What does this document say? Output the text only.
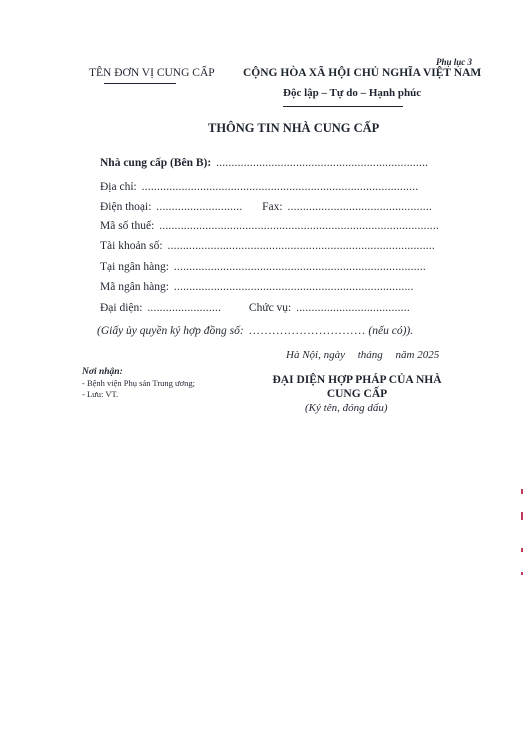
Phụ lục 3
TÊN ĐƠN VỊ CUNG CẤP CỘNG HÒA XÃ HỘI CHỦ NGHĨA VIỆT NAM
Độc lập – Tự do – Hạnh phúc
THÔNG TIN NHÀ CUNG CẤP
Nhà cung cấp (Bên B): .....................................................................
Địa chỉ: ..........................................................................................
Điện thoại: ............................ Fax: ...............................................
Mã số thuế: ...........................................................................................
Tài khoản số: .......................................................................................
Tại ngân hàng: ..................................................................................
Mã ngân hàng: ..............................................................................
Đại diện: ........................ Chức vụ: .....................................
(Giấy ủy quyền ký hợp đồng số: ………………………… (nếu có)).
Hà Nội, ngày tháng năm 2025
Nơi nhận:
- Bệnh viện Phụ sản Trung ương;
- Lưu: VT.
ĐẠI DIỆN HỢP PHÁP CỦA NHÀ CUNG CẤP
(Ký tên, đóng dấu)
